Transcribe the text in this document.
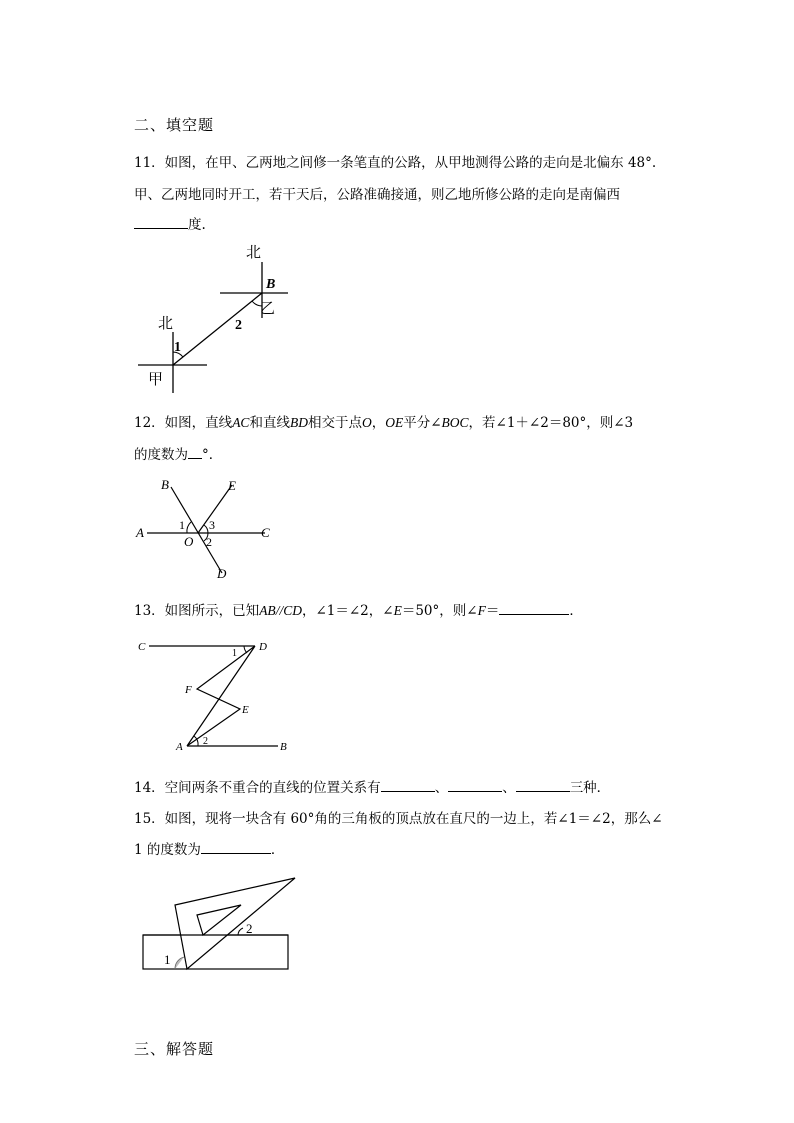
二、填空题
11．如图，在甲、乙两地之间修一条笔直的公路，从甲地测得公路的走向是北偏东 48°.
甲、乙两地同时开工，若干天后，公路准确接通，则乙地所修公路的走向是南偏西
度.
北
B
乙
2
北
1
甲
12．如图，直线AC和直线BD相交于点O，OE平分∠BOC，若∠1＋∠2＝80°，则∠3
的度数为 °．
A
B	E
C
D
O
1 3
2
13．如图所示，已知AB//CD，∠1＝∠2，∠E＝50°，则∠F＝	．
C	D
F
E
A	B
1
2
14．空间两条不重合的直线的位置关系有	、	、	三种．
15．如图，现将一块含有 60°角的三角板的顶点放在直尺的一边上，若∠1＝∠2，那么∠
1 的度数为	．
1
2
三、解答题
